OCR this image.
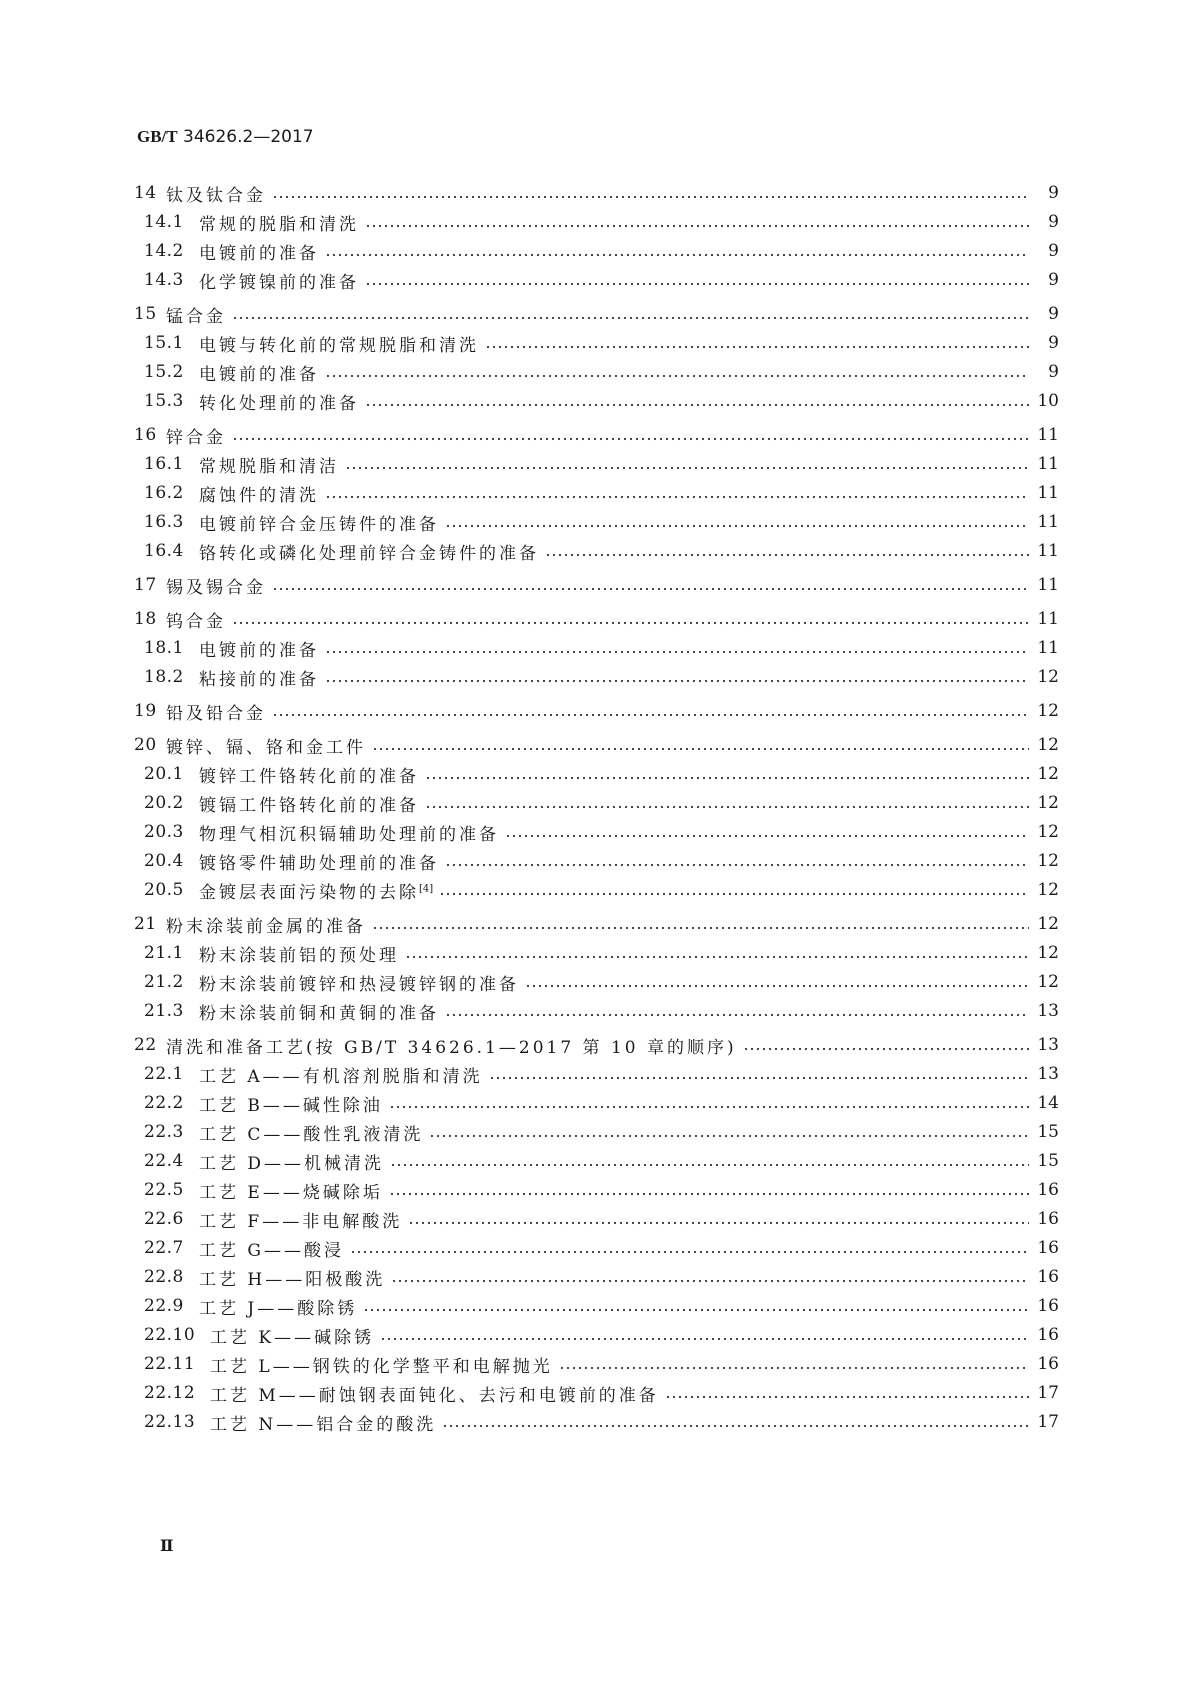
GB/T 34626.2—2017
14 钛及钛合金	9
14.1 常规的脱脂和清洗	9
14.2 电镀前的准备	9
14.3 化学镀镍前的准备	9
15 锰合金	9
15.1 电镀与转化前的常规脱脂和清洗	9
15.2 电镀前的准备	9
15.3 转化处理前的准备	10
16 锌合金	11
16.1 常规脱脂和清洁	11
16.2 腐蚀件的清洗	11
16.3 电镀前锌合金压铸件的准备	11
16.4 铬转化或磷化处理前锌合金铸件的准备	11
17 锡及锡合金	11
18 钨合金	11
18.1 电镀前的准备	11
18.2 粘接前的准备	12
19 铅及铅合金	12
20 镀锌、镉、铬和金工件	12
20.1 镀锌工件铬转化前的准备	12
20.2 镀镉工件铬转化前的准备	12
20.3 物理气相沉积镉辅助处理前的准备	12
20.4 镀铬零件辅助处理前的准备	12
20.5 金镀层表面污染物的去除[4]	12
21 粉末涂装前金属的准备	12
21.1 粉末涂装前铝的预处理	12
21.2 粉末涂装前镀锌和热浸镀锌钢的准备	12
21.3 粉末涂装前铜和黄铜的准备	13
22 清洗和准备工艺(按 GB/T 34626.1—2017 第 10 章的顺序)	13
22.1 工艺 A——有机溶剂脱脂和清洗	13
22.2 工艺 B——碱性除油	14
22.3 工艺 C——酸性乳液清洗	15
22.4 工艺 D——机械清洗	15
22.5 工艺 E——烧碱除垢	16
22.6 工艺 F——非电解酸洗	16
22.7 工艺 G——酸浸	16
22.8 工艺 H——阳极酸洗	16
22.9 工艺 J——酸除锈	16
22.10 工艺 K——碱除锈	16
22.11 工艺 L——钢铁的化学整平和电解抛光	16
22.12 工艺 M——耐蚀钢表面钝化、去污和电镀前的准备	17
22.13 工艺 N——铝合金的酸洗	17
Ⅱ
